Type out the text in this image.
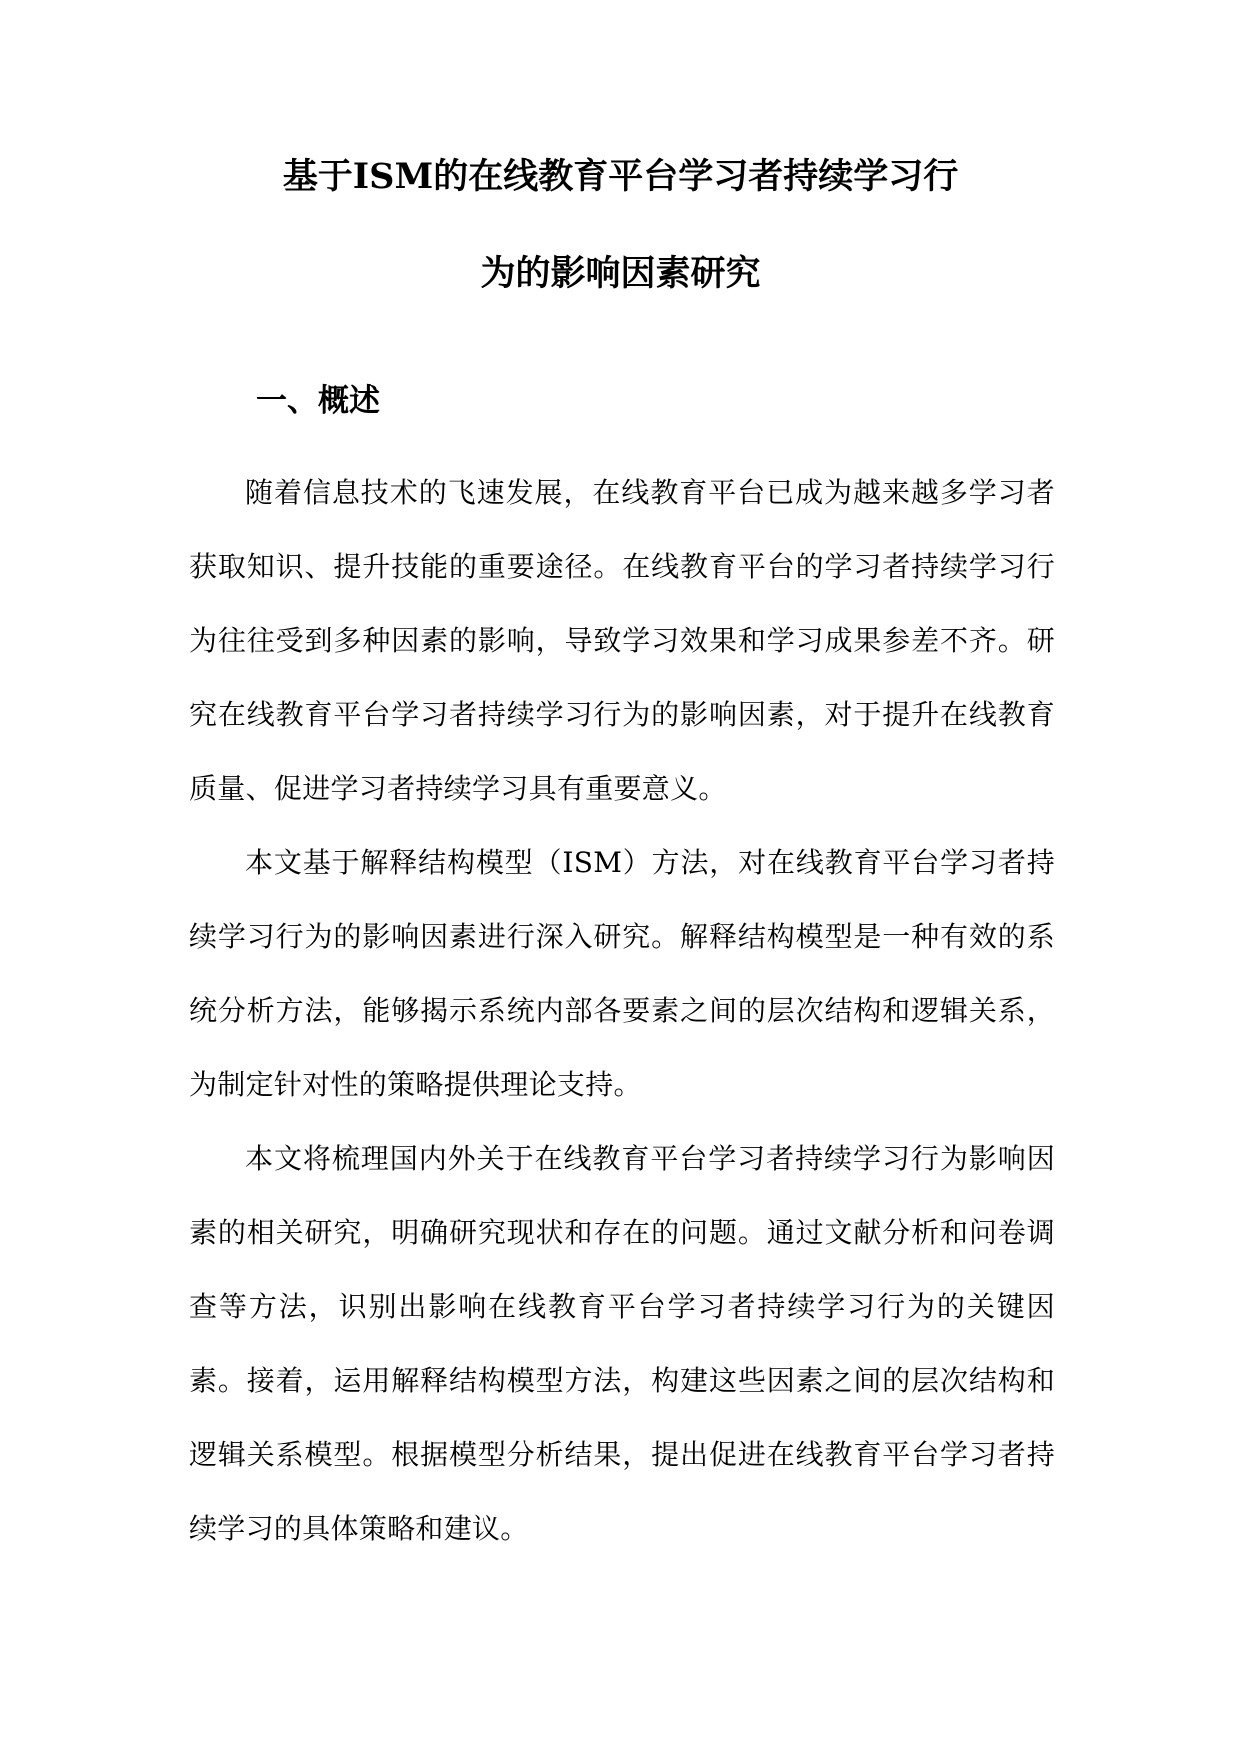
基于ISM的在线教育平台学习者持续学习行
为的影响因素研究
一、概述

随着信息技术的飞速发展，在线教育平台已成为越来越多学习者获取知识、提升技能的重要途径。在线教育平台的学习者持续学习行为往往受到多种因素的影响，导致学习效果和学习成果参差不齐。研究在线教育平台学习者持续学习行为的影响因素，对于提升在线教育质量、促进学习者持续学习具有重要意义。

本文基于解释结构模型（ISM）方法，对在线教育平台学习者持续学习行为的影响因素进行深入研究。解释结构模型是一种有效的系统分析方法，能够揭示系统内部各要素之间的层次结构和逻辑关系，为制定针对性的策略提供理论支持。

本文将梳理国内外关于在线教育平台学习者持续学习行为影响因素的相关研究，明确研究现状和存在的问题。通过文献分析和问卷调查等方法，识别出影响在线教育平台学习者持续学习行为的关键因素。接着，运用解释结构模型方法，构建这些因素之间的层次结构和逻辑关系模型。根据模型分析结果，提出促进在线教育平台学习者持续学习的具体策略和建议。
